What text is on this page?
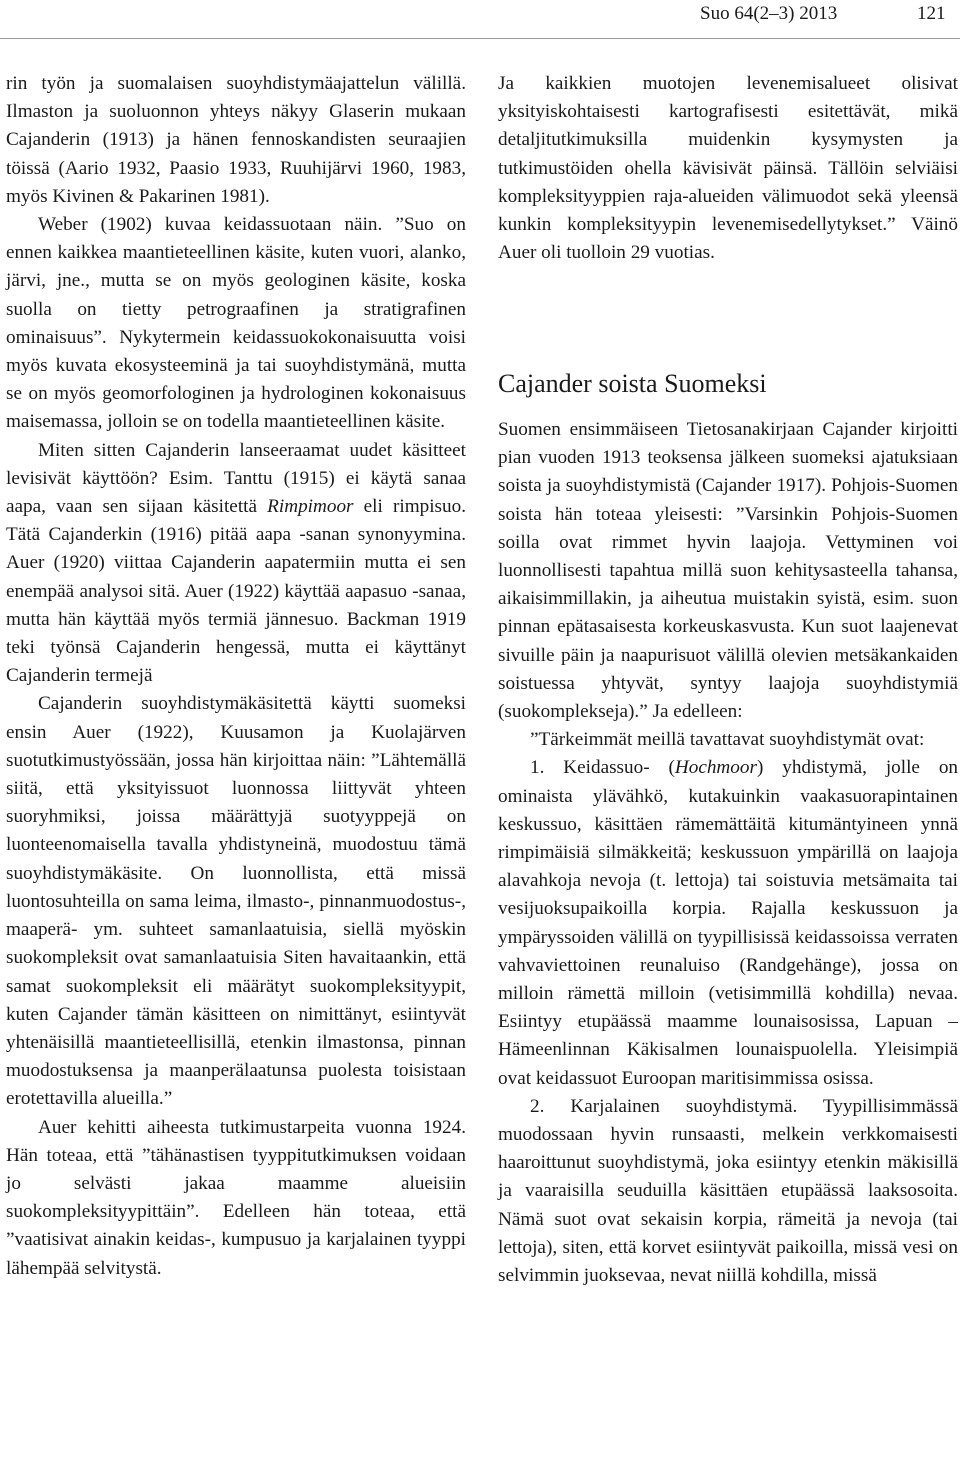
Suo 64(2–3) 2013	121

rin työn ja suomalaisen suoyhdistymäajattelun välillä. Ilmaston ja suoluonnon yhteys näkyy Glaserin mukaan Cajanderin (1913) ja hänen fennoskandisten seuraajien töissä (Aario 1932, Paasio 1933, Ruuhijärvi 1960, 1983, myös Kivinen & Pakarinen 1981).

Weber (1902) kuvaa keidassuotaan näin. ”Suo on ennen kaikkea maantieteellinen käsite, kuten vuori, alanko, järvi, jne., mutta se on myös geologinen käsite, koska suolla on tietty petrograafinen ja stratigrafinen ominaisuus”. Nykytermein keidassuokokonaisuutta voisi myös kuvata ekosysteeminä ja tai suoyhdistymänä, mutta se on myös geomorfologinen ja hydrologinen kokonaisuus maisemassa, jolloin se on todella maantieteellinen käsite.

Miten sitten Cajanderin lanseeraamat uudet käsitteet levisivät käyttöön? Esim. Tanttu (1915) ei käytä sanaa aapa, vaan sen sijaan käsitettä Rimpimoor eli rimpisuo. Tätä Cajanderkin (1916) pitää aapa -sanan synonyymina. Auer (1920) viittaa Cajanderin aapatermiin mutta ei sen enempää analysoi sitä. Auer (1922) käyttää aapasuo -sanaa, mutta hän käyttää myös termiä jännesuo. Backman 1919 teki työnsä Cajanderin hengessä, mutta ei käyttänyt Cajanderin termejä

Cajanderin suoyhdistymäkäsitettä käytti suomeksi ensin Auer (1922), Kuusamon ja Kuolajärven suotutkimustyössään, jossa hän kirjoittaa näin: ”Lähtemällä siitä, että yksityissuot luonnossa liittyvät yhteen suoryhmiksi, joissa määrättyjä suotyyppejä on luonteenomaisella tavalla yhdistyneinä, muodostuu tämä suoyhdistymäkäsite. On luonnollista, että missä luontosuhteilla on sama leima, ilmasto-, pinnanmuodostus-, maaperä- ym. suhteet samanlaatuisia, siellä myöskin suokompleksit ovat samanlaatuisia Siten havaitaankin, että samat suokompleksit eli määrätyt suokompleksityypit, kuten Cajander tämän käsitteen on nimittänyt, esiintyvät yhtenäisillä maantieteellisillä, etenkin ilmastonsa, pinnan muodostuksensa ja maanperälaatunsa puolesta toisistaan erotettavilla alueilla.”

Auer kehitti aiheesta tutkimustarpeita vuonna 1924. Hän toteaa, että ”tähänastisen tyyppitutkimuksen voidaan jo selvästi jakaa maamme alueisiin suokompleksityypittäin”. Edelleen hän toteaa, että ”vaatisivat ainakin keidas-, kumpusuo ja karjalainen tyyppi lähempää selvitystä.

Ja kaikkien muotojen levenemisalueet olisivat yksityiskohtaisesti kartografisesti esitettävät, mikä detaljitutkimuksilla muidenkin kysymysten ja tutkimustöiden ohella kävisivät päinsä. Tällöin selviäisi kompleksityyppien raja-alueiden välimuodot sekä yleensä kunkin kompleksityypin levenemisedellytykset.” Väinö Auer oli tuolloin 29 vuotias.

Cajander soista Suomeksi

Suomen ensimmäiseen Tietosanakirjaan Cajander kirjoitti pian vuoden 1913 teoksensa jälkeen suomeksi ajatuksiaan soista ja suoyhdistymistä (Cajander 1917). Pohjois-Suomen soista hän toteaa yleisesti: ”Varsinkin Pohjois-Suomen soilla ovat rimmet hyvin laajoja. Vettyminen voi luonnollisesti tapahtua millä suon kehitysasteella tahansa, aikaisimmillakin, ja aiheutua muistakin syistä, esim. suon pinnan epätasaisesta korkeuskasvusta. Kun suot laajenevat sivuille päin ja naapurisuot välillä olevien metsäkankaiden soistuessa yhtyvät, syntyy laajoja suoyhdistymiä (suokomplekseja).” Ja edelleen:

”Tärkeimmät meillä tavattavat suoyhdistymät ovat:

1. Keidassuo- (Hochmoor) yhdistymä, jolle on ominaista ylävähkö, kutakuinkin vaakasuorapintainen keskussuo, käsittäen rämemättäitä kitumäntyineen ynnä rimpimäisiä silmäkkeitä; keskussuon ympärillä on laajoja alavahkoja nevoja (t. lettoja) tai soistuvia metsämaita tai vesijuoksupaikoilla korpia. Rajalla keskussuon ja ympäryssoiden välillä on tyypillisissä keidassoissa verraten vahvaviettoinen reunaluiso (Randgehänge), jossa on milloin rämettä milloin (vetisimmillä kohdilla) nevaa. Esiintyy etupäässä maamme lounaisosissa, Lapuan – Hämeenlinnan Käkisalmen lounaispuolella. Yleisimpiä ovat keidassuot Euroopan maritisimmissa osissa.

2. Karjalainen suoyhdistymä. Tyypillisimmässä muodossaan hyvin runsaasti, melkein verkkomaisesti haaroittunut suoyhdistymä, joka esiintyy etenkin mäkisillä ja vaaraisilla seuduilla käsittäen etupäässä laaksosoita. Nämä suot ovat sekaisin korpia, rämeitä ja nevoja (tai lettoja), siten, että korvet esiintyvät paikoilla, missä vesi on selvimmin juoksevaa, nevat niillä kohdilla, missä
